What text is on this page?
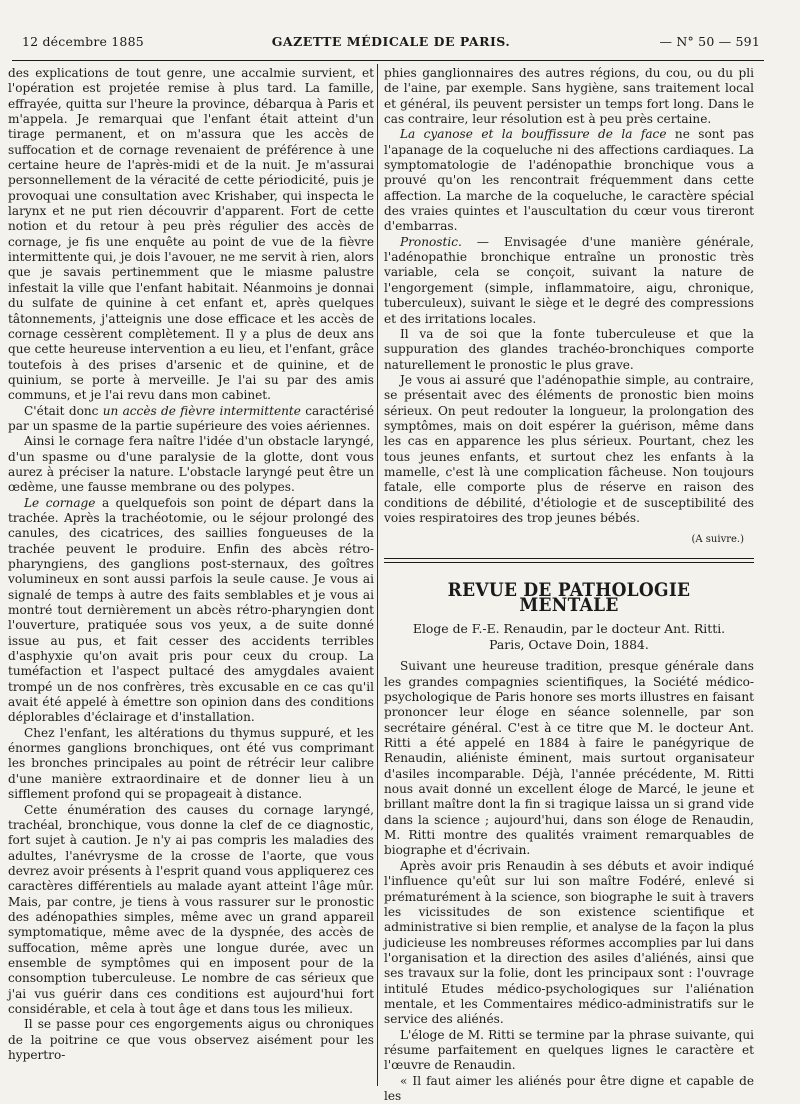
12 décembre 1885	GAZETTE MÉDICALE DE PARIS.	— N° 50 — 591

des explications de tout genre, une accalmie survient, et l'opération est projetée remise à plus tard. La famille, effrayée, quitta sur l'heure la province, débarqua à Paris et m'appela. Je remarquai que l'enfant était atteint d'un tirage permanent, et on m'assura que les accès de suffocation et de cornage revenaient de préférence à une certaine heure de l'après-midi et de la nuit. Je m'assurai personnellement de la véracité de cette périodicité, puis je provoquai une consultation avec Krishaber, qui inspecta le larynx et ne put rien découvrir d'apparent. Fort de cette notion et du retour à peu près régulier des accès de cornage, je fis une enquête au point de vue de la fièvre intermittente qui, je dois l'avouer, ne me servit à rien, alors que je savais pertinemment que le miasme palustre infestait la ville que l'enfant habitait. Néanmoins je donnai du sulfate de quinine à cet enfant et, après quelques tâtonnements, j'atteignis une dose efficace et les accès de cornage cessèrent complètement. Il y a plus de deux ans que cette heureuse intervention a eu lieu, et l'enfant, grâce toutefois à des prises d'arsenic et de quinine, et de quinium, se porte à merveille. Je l'ai su par des amis communs, et je l'ai revu dans mon cabinet.

C'était donc un accès de fièvre intermittente caractérisé par un spasme de la partie supérieure des voies aériennes.

Ainsi le cornage fera naître l'idée d'un obstacle laryngé, d'un spasme ou d'une paralysie de la glotte, dont vous aurez à préciser la nature. L'obstacle laryngé peut être un œdème, une fausse membrane ou des polypes.

Le cornage a quelquefois son point de départ dans la trachée. Après la trachéotomie, ou le séjour prolongé des canules, des cicatrices, des saillies fongueuses de la trachée peuvent le produire. Enfin des abcès rétro-pharyngiens, des ganglions post-sternaux, des goîtres volumineux en sont aussi parfois la seule cause. Je vous ai signalé de temps à autre des faits semblables et je vous ai montré tout dernièrement un abcès rétro-pharyngien dont l'ouverture, pratiquée sous vos yeux, a de suite donné issue au pus, et fait cesser des accidents terribles d'asphyxie qu'on avait pris pour ceux du croup. La tuméfaction et l'aspect pultacé des amygdales avaient trompé un de nos confrères, très excusable en ce cas qu'il avait été appelé à émettre son opinion dans des conditions déplorables d'éclairage et d'installation.

Chez l'enfant, les altérations du thymus suppuré, et les énormes ganglions bronchiques, ont été vus comprimant les bronches principales au point de rétrécir leur calibre d'une manière extraordinaire et de donner lieu à un sifflement profond qui se propageait à distance.

Cette énumération des causes du cornage laryngé, trachéal, bronchique, vous donne la clef de ce diagnostic, fort sujet à caution. Je n'y ai pas compris les maladies des adultes, l'anévrysme de la crosse de l'aorte, que vous devrez avoir présents à l'esprit quand vous appliquerez ces caractères différentiels au malade ayant atteint l'âge mûr. Mais, par contre, je tiens à vous rassurer sur le pronostic des adénopathies simples, même avec un grand appareil symptomatique, même avec de la dyspnée, des accès de suffocation, même après une longue durée, avec un ensemble de symptômes qui en imposent pour de la consomption tuberculeuse. Le nombre de cas sérieux que j'ai vus guérir dans ces conditions est aujourd'hui fort considérable, et cela à tout âge et dans tous les milieux.

Il se passe pour ces engorgements aigus ou chroniques de la poitrine ce que vous observez aisément pour les hypertro-

phies ganglionnaires des autres régions, du cou, ou du pli de l'aine, par exemple. Sans hygiène, sans traitement local et général, ils peuvent persister un temps fort long. Dans le cas contraire, leur résolution est à peu près certaine.

La cyanose et la bouffissure de la face ne sont pas l'apanage de la coqueluche ni des affections cardiaques. La symptomatologie de l'adénopathie bronchique vous a prouvé qu'on les rencontrait fréquemment dans cette affection. La marche de la coqueluche, le caractère spécial des vraies quintes et l'auscultation du cœur vous tireront d'embarras.

Pronostic. — Envisagée d'une manière générale, l'adénopathie bronchique entraîne un pronostic très variable, cela se conçoit, suivant la nature de l'engorgement (simple, inflammatoire, aigu, chronique, tuberculeux), suivant le siège et le degré des compressions et des irritations locales.

Il va de soi que la fonte tuberculeuse et que la suppuration des glandes trachéo-bronchiques comporte naturellement le pronostic le plus grave.

Je vous ai assuré que l'adénopathie simple, au contraire, se présentait avec des éléments de pronostic bien moins sérieux. On peut redouter la longueur, la prolongation des symptômes, mais on doit espérer la guérison, même dans les cas en apparence les plus sérieux. Pourtant, chez les tous jeunes enfants, et surtout chez les enfants à la mamelle, c'est là une complication fâcheuse. Non toujours fatale, elle comporte plus de réserve en raison des conditions de débilité, d'étiologie et de susceptibilité des voies respiratoires des trop jeunes bébés.

(A suivre.)
REVUE DE PATHOLOGIE MENTALE
Eloge de F.-E. Renaudin, par le docteur Ant. Ritti.
Paris, Octave Doin, 1884.

Suivant une heureuse tradition, presque générale dans les grandes compagnies scientifiques, la Société médico-psychologique de Paris honore ses morts illustres en faisant prononcer leur éloge en séance solennelle, par son secrétaire général. C'est à ce titre que M. le docteur Ant. Ritti a été appelé en 1884 à faire le panégyrique de Renaudin, aliéniste éminent, mais surtout organisateur d'asiles incomparable. Déjà, l'année précédente, M. Ritti nous avait donné un excellent éloge de Marcé, le jeune et brillant maître dont la fin si tragique laissa un si grand vide dans la science ; aujourd'hui, dans son éloge de Renaudin, M. Ritti montre des qualités vraiment remarquables de biographe et d'écrivain.

Après avoir pris Renaudin à ses débuts et avoir indiqué l'influence qu'eût sur lui son maître Fodéré, enlevé si prématurément à la science, son biographe le suit à travers les vicissitudes de son existence scientifique et administrative si bien remplie, et analyse de la façon la plus judicieuse les nombreuses réformes accomplies par lui dans l'organisation et la direction des asiles d'aliénés, ainsi que ses travaux sur la folie, dont les principaux sont : l'ouvrage intitulé Etudes médico-psychologiques sur l'aliénation mentale, et les Commentaires médico-administratifs sur le service des aliénés.

L'éloge de M. Ritti se termine par la phrase suivante, qui résume parfaitement en quelques lignes le caractère et l'œuvre de Renaudin.

« Il faut aimer les aliénés pour être digne et capable de les
